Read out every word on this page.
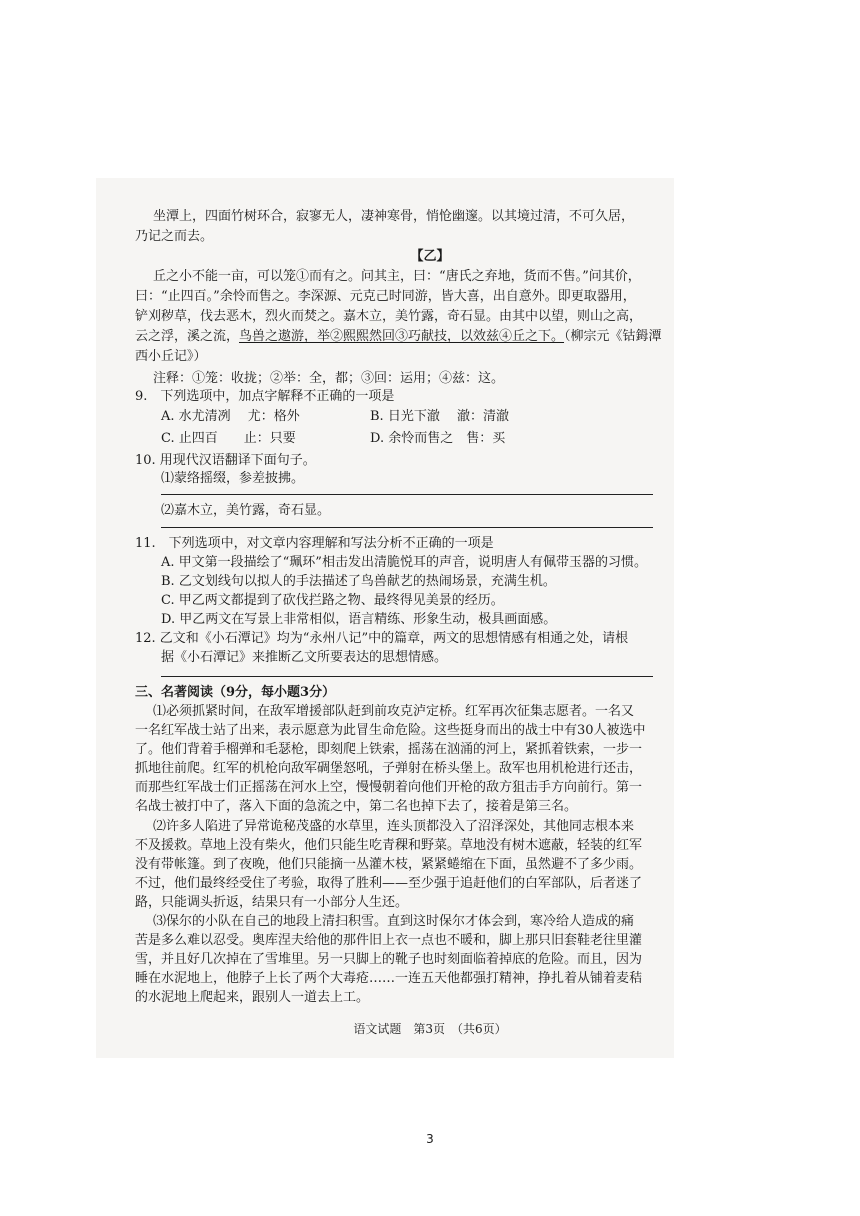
坐潭上，四面竹树环合，寂寥无人，凄神寒骨，悄怆幽邃。以其境过清，不可久居，
乃记之而去。
【乙】
丘之小不能一亩，可以笼①而有之。问其主，曰：“唐氏之弃地，货而不售。”问其价，
曰：“止四百。”余怜而售之。李深源、元克己时同游，皆大喜，出自意外。即更取器用，
铲刈秽草，伐去恶木，烈火而焚之。嘉木立，美竹露，奇石显。由其中以望，则山之高，
云之浮，溪之流，鸟兽之遨游，举②熙熙然回③巧献技，以效兹④丘之下。（柳宗元《钴鉧潭
西小丘记》）
注释：①笼：收拢；②举：全，都；③回：运用；④兹：这。
9.　下列选项中，加点字解释不正确的一项是
A. 水尤清冽　 尤：格外	B. 日光下澈　 澈：清澈
C. 止四百　　止：只要	D. 余怜而售之　售：买
10. 用现代汉语翻译下面句子。
⑴蒙络摇缀，参差披拂。
⑵嘉木立，美竹露，奇石显。
11.　下列选项中，对文章内容理解和写法分析不正确的一项是
A. 甲文第一段描绘了“珮环”相击发出清脆悦耳的声音，说明唐人有佩带玉器的习惯。
B. 乙文划线句以拟人的手法描述了鸟兽献艺的热闹场景，充满生机。
C. 甲乙两文都提到了砍伐拦路之物、最终得见美景的经历。
D. 甲乙两文在写景上非常相似，语言精练、形象生动，极具画面感。
12. 乙文和《小石潭记》均为“永州八记”中的篇章，两文的思想情感有相通之处，请根
据《小石潭记》来推断乙文所要表达的思想情感。
三、名著阅读（9分，每小题3分）
⑴必须抓紧时间，在敌军增援部队赶到前攻克泸定桥。红军再次征集志愿者。一名又
一名红军战士站了出来，表示愿意为此冒生命危险。这些挺身而出的战士中有30人被选中
了。他们背着手榴弹和毛瑟枪，即刻爬上铁索，摇荡在汹涌的河上，紧抓着铁索，一步一
抓地往前爬。红军的机枪向敌军碉堡怒吼，子弹射在桥头堡上。敌军也用机枪进行还击，
而那些红军战士们正摇荡在河水上空，慢慢朝着向他们开枪的敌方狙击手方向前行。第一
名战士被打中了，落入下面的急流之中，第二名也掉下去了，接着是第三名。
⑵许多人陷进了异常诡秘茂盛的水草里，连头顶都没入了沼泽深处，其他同志根本来
不及援救。草地上没有柴火，他们只能生吃青稞和野菜。草地没有树木遮蔽，轻装的红军
没有带帐篷。到了夜晚，他们只能摘一丛灌木枝，紧紧蜷缩在下面，虽然避不了多少雨。
不过，他们最终经受住了考验，取得了胜利——至少强于追赶他们的白军部队，后者迷了
路，只能调头折返，结果只有一小部分人生还。
⑶保尔的小队在自己的地段上清扫积雪。直到这时保尔才体会到，寒冷给人造成的痛
苦是多么难以忍受。奥库涅夫给他的那件旧上衣一点也不暖和，脚上那只旧套鞋老往里灌
雪，并且好几次掉在了雪堆里。另一只脚上的靴子也时刻面临着掉底的危险。而且，因为
睡在水泥地上，他脖子上长了两个大毒疮……一连五天他都强打精神，挣扎着从铺着麦秸
的水泥地上爬起来，跟别人一道去上工。
语文试题　第3页　（共6页）
3
